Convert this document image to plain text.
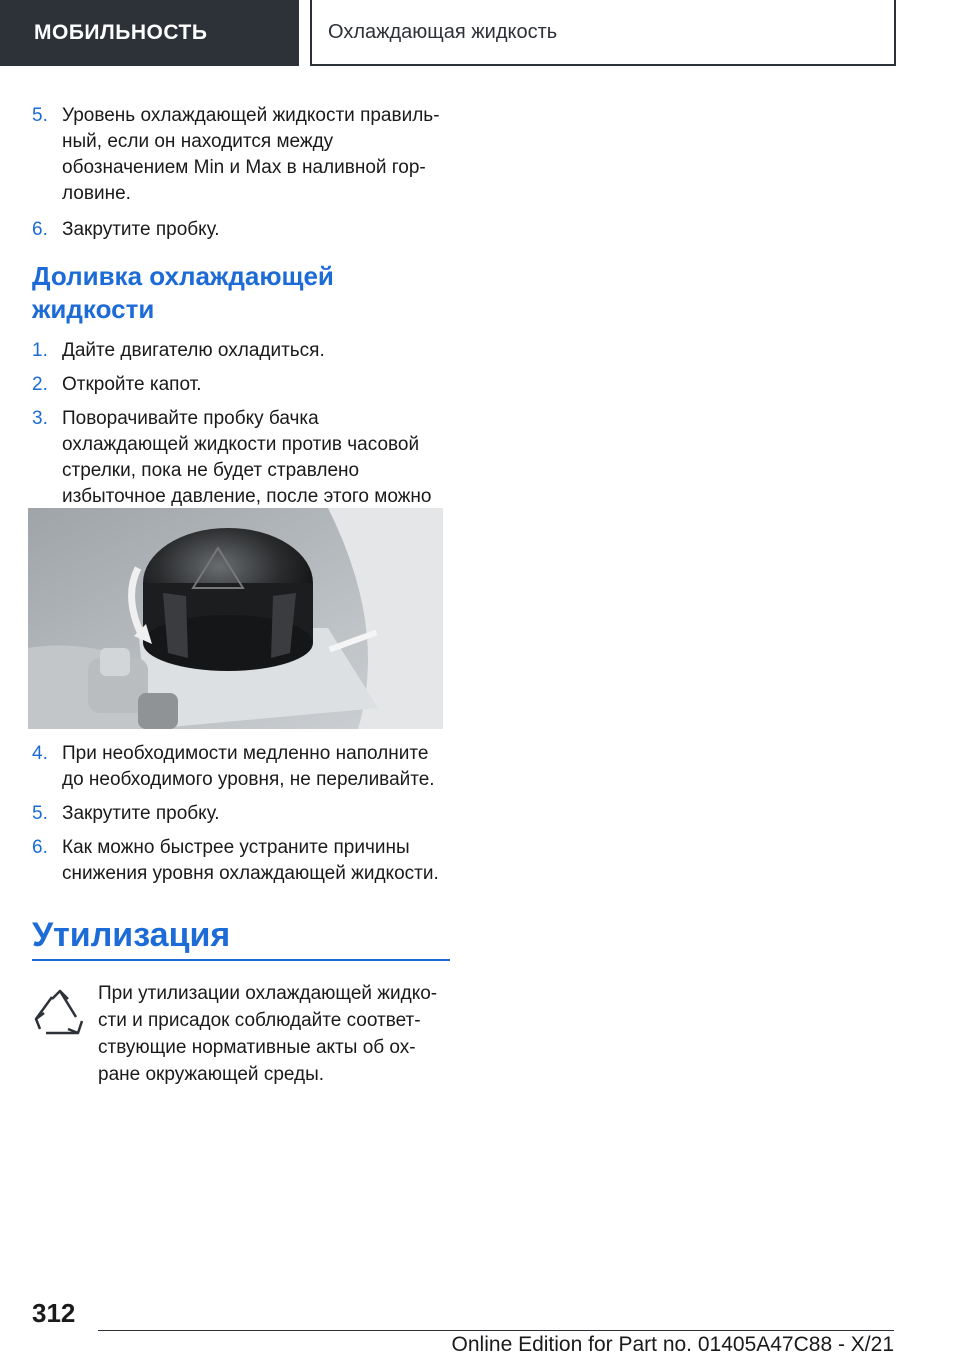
МОБИЛЬНОСТЬ	Охлаждающая жидкость
5. Уровень охлаждающей жидкости правильный, если он находится между обозначением Min и Max в наливной горловине.
6. Закрутите пробку.
Доливка охлаждающей жидкости
1. Дайте двигателю охладиться.
2. Откройте капот.
3. Поворачивайте пробку бачка охлаждающей жидкости против часовой стрелки, пока не будет стравлено избыточное давление, после этого можно
4. При необходимости медленно наполните до необходимого уровня, не переливайте.
5. Закрутите пробку.
6. Как можно быстрее устраните причины снижения уровня охлаждающей жидкости.
Утилизация
При утилизации охлаждающей жидкости и присадок соблюдайте соответствующие нормативные акты об охране окружающей среды.
312
Online Edition for Part no. 01405A47C88 - X/21
